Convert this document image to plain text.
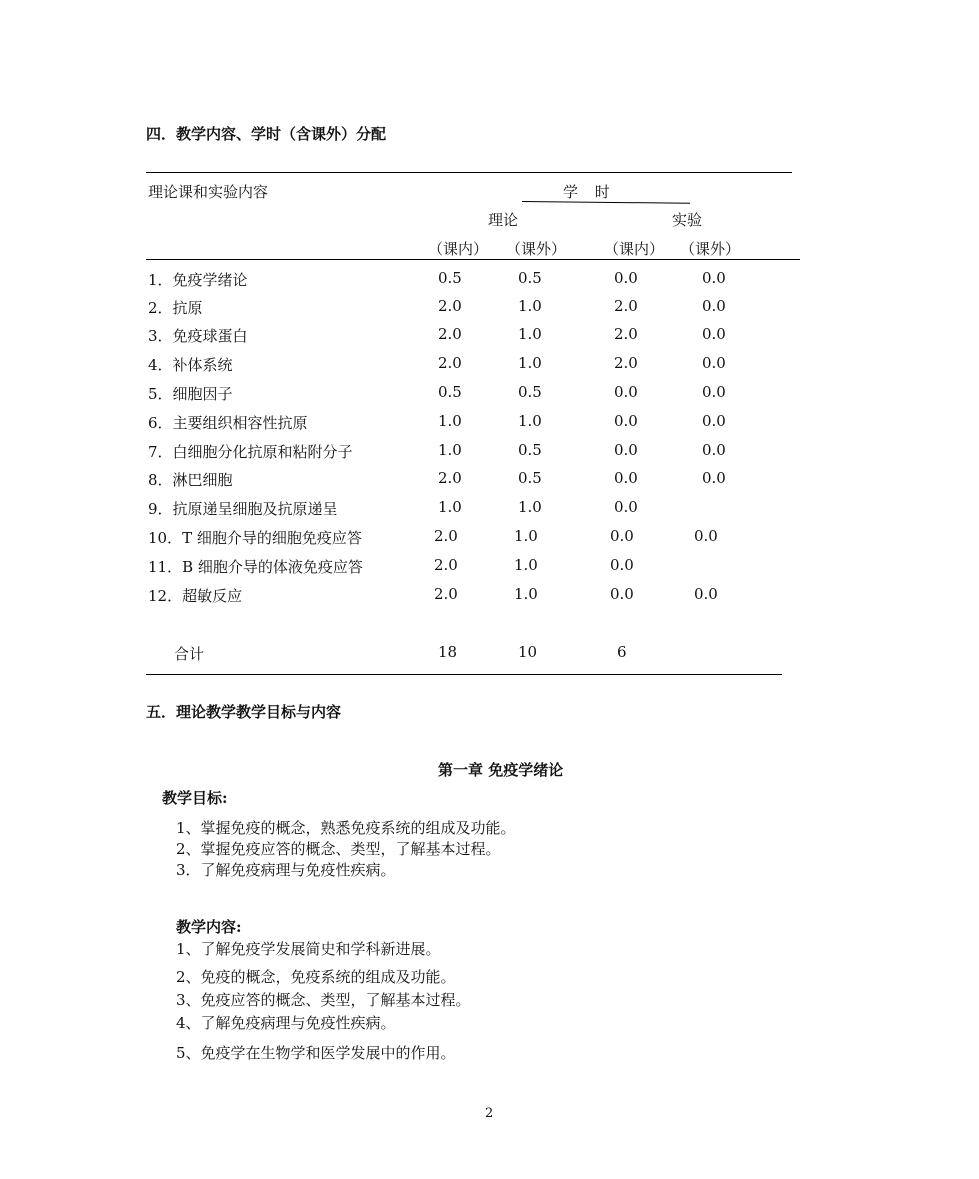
四．教学内容、学时（含课外）分配
理论课和实验内容	学 时
理论	实验
（课内） （课外）	（课内） （课外）
1．免疫学绪论	0.5	0.5	0.0	0.0
2．抗原	2.0	1.0	2.0	0.0
3．免疫球蛋白	2.0	1.0	2.0	0.0
4．补体系统	2.0	1.0	2.0	0.0
5．细胞因子	0.5	0.5	0.0	0.0
6．主要组织相容性抗原	1.0	1.0	0.0	0.0
7．白细胞分化抗原和粘附分子	1.0	0.5	0.0	0.0
8．淋巴细胞	2.0	0.5	0.0	0.0
9．抗原递呈细胞及抗原递呈	1.0	1.0	0.0
10．T 细胞介导的细胞免疫应答	2.0	1.0	0.0	0.0
11．B 细胞介导的体液免疫应答	2.0	1.0	0.0
12．超敏反应	2.0	1.0	0.0	0.0
合计	18	10	6
五．理论教学教学目标与内容
第一章 免疫学绪论
教学目标:
1、掌握免疫的概念，熟悉免疫系统的组成及功能。
2、掌握免疫应答的概念、类型，了解基本过程。
3．了解免疫病理与免疫性疾病。
教学内容:
1、了解免疫学发展简史和学科新进展。
2、免疫的概念，免疫系统的组成及功能。
3、免疫应答的概念、类型，了解基本过程。
4、了解免疫病理与免疫性疾病。
5、免疫学在生物学和医学发展中的作用。
2
